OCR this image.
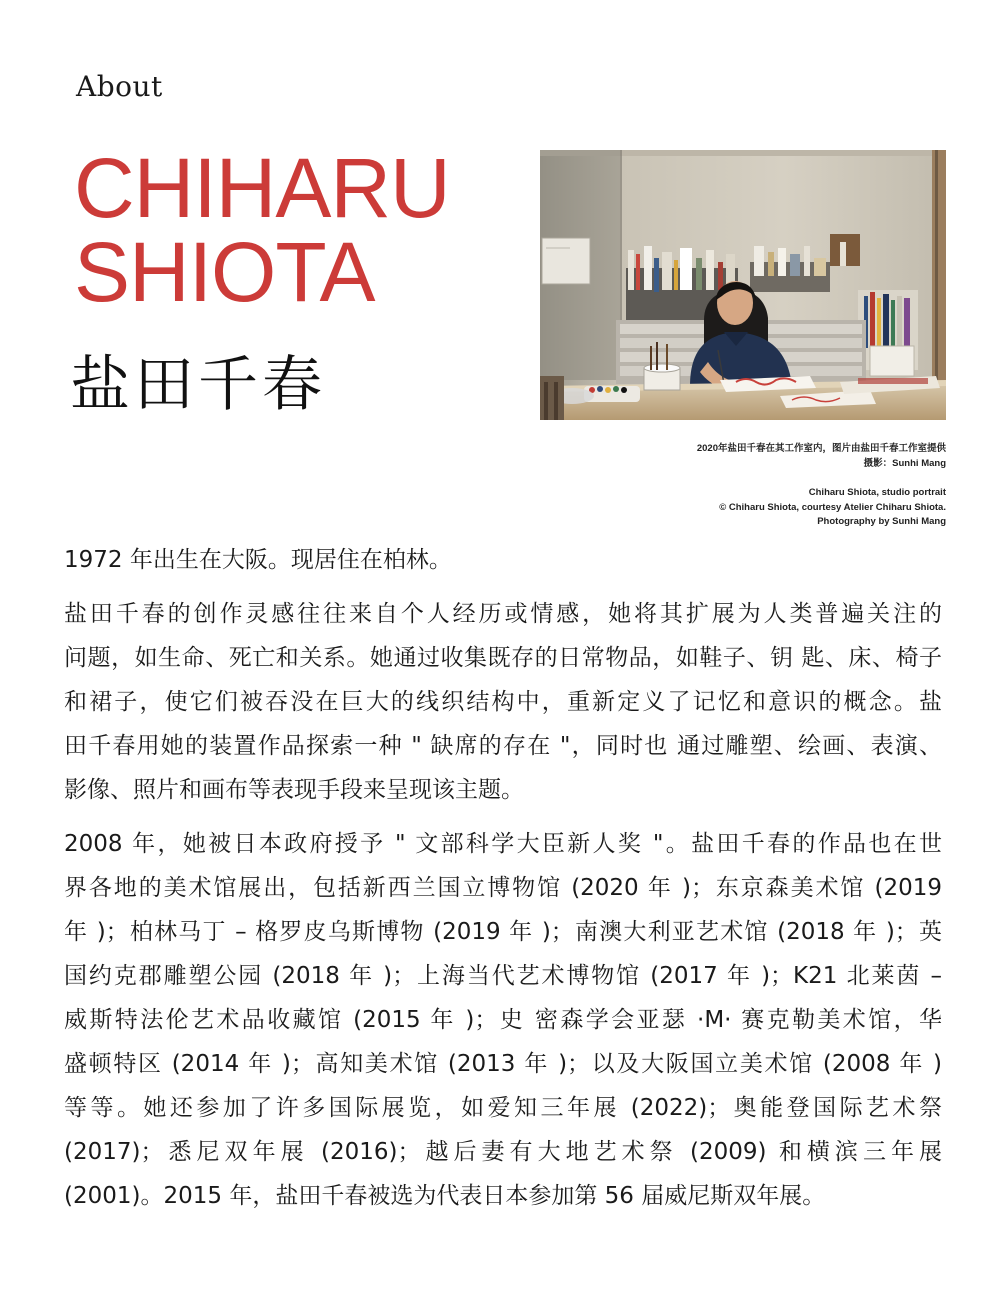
About
CHIHARU
SHIOTA
盐田千春
2020年盐田千春在其工作室内，图片由盐田千春工作室提供
摄影：Sunhi Mang
Chiharu Shiota, studio portrait
© Chiharu Shiota, courtesy Atelier Chiharu Shiota.
Photography by Sunhi Mang

1972 年出生在大阪。现居住在柏林。

盐田千春的创作灵感往往来自个人经历或情感，她将其扩展为人类普遍关注的
问题，如生命、死亡和关系。她通过收集既存的日常物品，如鞋子、钥 匙、床、椅子
和裙子，使它们被吞没在巨大的线织结构中，重新定义了记忆和意识的概念。盐
田千春用她的装置作品探索一种 " 缺席的存在 "，同时也 通过雕塑、绘画、表演、
影像、照片和画布等表现手段来呈现该主题。

2008 年，她被日本政府授予 " 文部科学大臣新人奖 "。盐田千春的作品也在世
界各地的美术馆展出，包括新西兰国立博物馆 (2020 年 )；东京森美术馆 (2019
年 )；柏林马丁 – 格罗皮乌斯博物 (2019 年 )；南澳大利亚艺术馆 (2018 年 )；英
国约克郡雕塑公园 (2018 年 )；上海当代艺术博物馆 (2017 年 )；K21 北莱茵 –
威斯特法伦艺术品收藏馆 (2015 年 )；史 密森学会亚瑟 ·M· 赛克勒美术馆，华
盛顿特区 (2014 年 )；高知美术馆 (2013 年 )；以及大阪国立美术馆 (2008 年 )
等等。她还参加了许多国际展览，如爱知三年展 (2022)；奥能登国际艺术祭
(2017)；悉尼双年展 (2016)；越后妻有大地艺术祭 (2009) 和横滨三年展
(2001)。2015 年，盐田千春被选为代表日本参加第 56 届威尼斯双年展。
